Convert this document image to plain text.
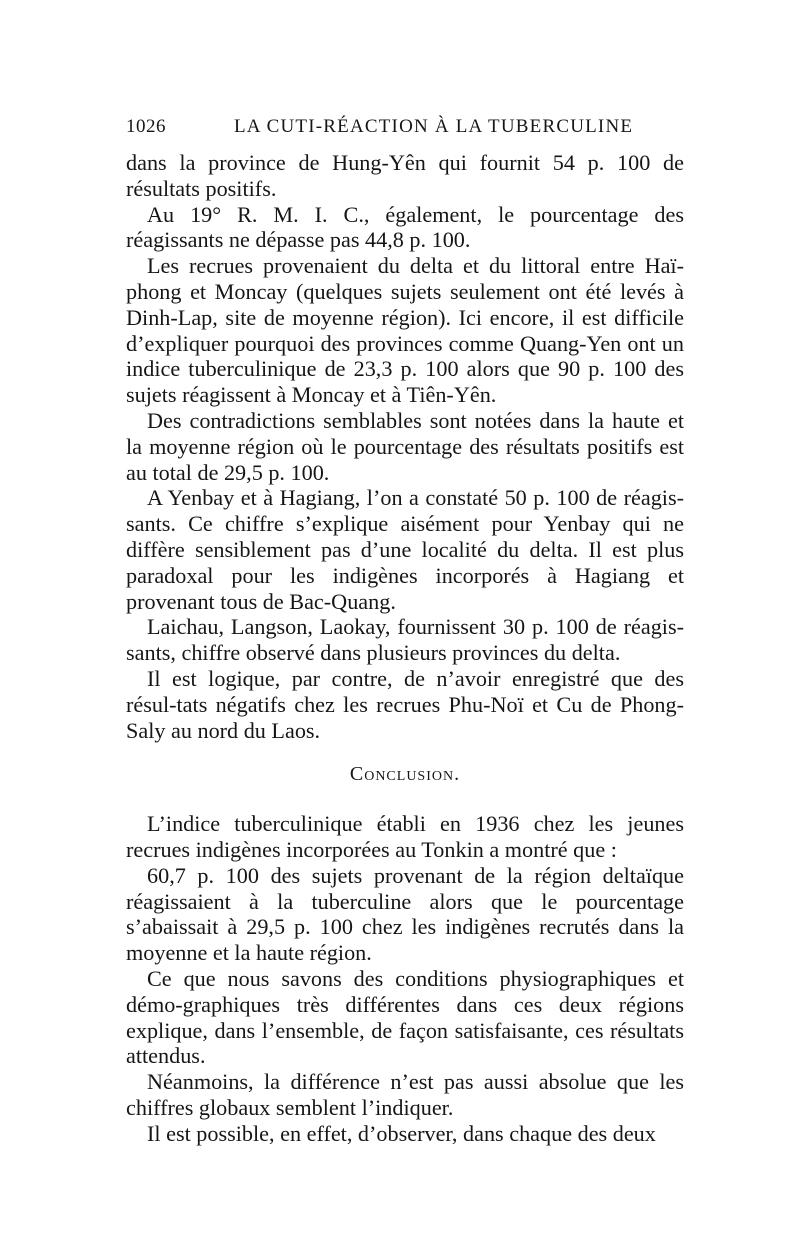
1026	LA CUTI-RÉACTION À LA TUBERCULINE

dans la province de Hung-Yên qui fournit 54 p. 100 de résultats positifs.

Au 19° R. M. I. C., également, le pourcentage des réagissants ne dépasse pas 44,8 p. 100.

Les recrues provenaient du delta et du littoral entre Haï-phong et Moncay (quelques sujets seulement ont été levés à Dinh-Lap, site de moyenne région). Ici encore, il est difficile d’expliquer pourquoi des provinces comme Quang-Yen ont un indice tuberculinique de 23,3 p. 100 alors que 90 p. 100 des sujets réagissent à Moncay et à Tiên-Yên.

Des contradictions semblables sont notées dans la haute et la moyenne région où le pourcentage des résultats positifs est au total de 29,5 p. 100.

A Yenbay et à Hagiang, l’on a constaté 50 p. 100 de réagis-sants. Ce chiffre s’explique aisément pour Yenbay qui ne diffère sensiblement pas d’une localité du delta. Il est plus paradoxal pour les indigènes incorporés à Hagiang et provenant tous de Bac-Quang.

Laichau, Langson, Laokay, fournissent 30 p. 100 de réagis-sants, chiffre observé dans plusieurs provinces du delta.

Il est logique, par contre, de n’avoir enregistré que des résul-tats négatifs chez les recrues Phu-Noï et Cu de Phong-Saly au nord du Laos.

Conclusion.

L’indice tuberculinique établi en 1936 chez les jeunes recrues indigènes incorporées au Tonkin a montré que :

60,7 p. 100 des sujets provenant de la région deltaïque réagissaient à la tuberculine alors que le pourcentage s’abaissait à 29,5 p. 100 chez les indigènes recrutés dans la moyenne et la haute région.

Ce que nous savons des conditions physiographiques et démo-graphiques très différentes dans ces deux régions explique, dans l’ensemble, de façon satisfaisante, ces résultats attendus.

Néanmoins, la différence n’est pas aussi absolue que les chiffres globaux semblent l’indiquer.

Il est possible, en effet, d’observer, dans chaque des deux
